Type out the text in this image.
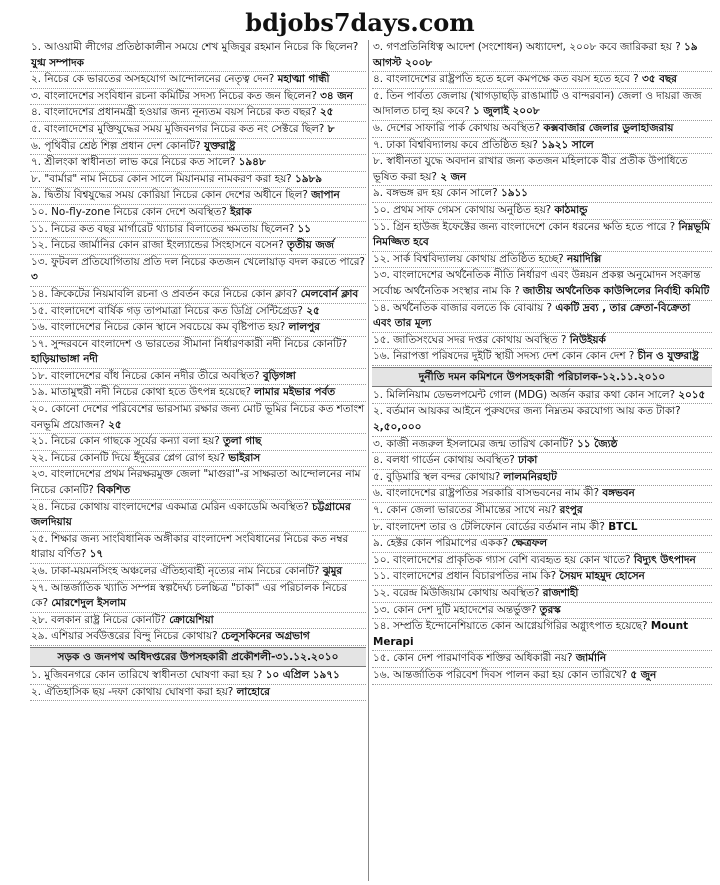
bdjobs7days.com
১. আওয়ামী লীগের প্রতিষ্ঠাকালীন সময়ে শেখ মুজিবুর রহমান নিচের কি ছিলেন? যুগ্ম সম্পাদক
২. নিচের কে ভারতের অসহযোগ আন্দোলনের নেতৃত্ব দেন? মহাত্মা গান্ধী
৩. বাংলাদেশের সংবিধান রচনা কমিটির সদস্য নিচের কত জন ছিলেন? ৩৪ জন
৪. বাংলাদেশের প্রধানমন্ত্রী হওয়ার জন্য নূন্যতম বয়স নিচের কত বছর? ২৫
৫. বাংলাদেশের মুক্তিযুদ্ধের সময় মুজিবনগর নিচের কত নং সেক্টরে ছিল? ৮
৬. পৃথিবীর শ্রেষ্ঠ শিল্প প্রধান দেশ কোনটি? যুক্তরাষ্ট্র
৭. শ্রীলংকা স্বাধীনতা লাভ করে নিচের কত সালে? ১৯৪৮
৮. "বার্মার" নাম নিচের কোন সালে মিয়ানমার নামকরণ করা হয়? ১৯৮৯
৯. দ্বিতীয় বিশ্বযুদ্ধের সময় কোরিয়া নিচের কোন দেশের অধীনে ছিল? জাপান
১০. No-fly-zone নিচের কোন দেশে অবস্থিত? ইরাক
১১. নিচের কত বছর মার্গারেট থ্যাচার বিলাতের ক্ষমতায় ছিলেন? ১১
১২. নিচের জার্মানির কোন রাজা ইংল্যান্ডের সিংহাসনে বসেন? তৃতীয় জর্জ
১৩. ফুটবল প্রতিযোগিতায় প্রতি দল নিচের কতজন খেলোয়াড় বদল করতে পারে? ৩
১৪. ক্রিকেটের নিয়মাবলি রচনা ও প্রবর্তন করে নিচের কোন ক্লাব? মেলবোর্ন ক্লাব
১৫. বাংলাদেশে বার্ষিক গড় তাপমাত্রা নিচের কত ডিগ্রি সেন্টিগ্রেড? ২৫
১৬. বাংলাদেশের নিচের কোন স্থানে সবচেয়ে কম বৃষ্টিপাত হয়? লালপুর
১৭. সুন্দরবনে বাংলাদেশ ও ভারতের সীমানা নির্ধারণকারী নদী নিচের কোনটি? হাড়িয়াভাঙ্গা নদী
১৮. বাংলাদেশের বাঁধ নিচের কোন নদীর তীরে অবস্থিত? বুড়িগঙ্গা
১৯. মাতামুহুরী নদী নিচের কোথা হতে উৎপন্ন হয়েছে? লামার মইভার পর্বত
২০. কোনো দেশের পরিবেশের ভারসাম্য রক্ষার জন্য মোট ভূমির নিচের কত শতাংশ বনভূমি প্রয়োজন? ২৫
২১. নিচের কোন গাছকে সূর্যের কন্যা বলা হয়? তুলা গাছ
২২. নিচের কোনটি দিয়ে ইঁদুরের প্লেগ রোগ হয়? ভাইরাস
২৩. বাংলাদেশের প্রথম নিরক্ষরমুক্ত জেলা "মাগুরা"-র সাক্ষরতা আন্দোলনের নাম নিচের কোনটি? বিকশিত
২৪. নিচের কোথায় বাংলাদেশের একমাত্র মেরিন একাডেমি অবস্থিত? চট্টগ্রামের জলদিয়ায়
২৫. শিক্ষার জন্য সাংবিধানিক অঙ্গীকার বাংলাদেশ সংবিধানের নিচের কত নম্বর ধারায় বর্ণিত? ১৭
২৬. ঢাকা-ময়মনসিংহ অঞ্চলের ঐতিহ্যবাহী নৃত্যের নাম নিচের কোনটি? ঝুমুর
২৭. আন্তর্জাতিক খ্যাতি সম্পন্ন স্বল্পদৈর্ঘ্য চলচ্চিত্র "চাকা" এর পরিচালক নিচের কে? মোরশেদুল ইসলাম
২৮. বলকান রাষ্ট্র নিচের কোনটি? ক্রোয়েশিয়া
২৯. এশিয়ার সর্বউত্তরের বিন্দু নিচের কোথায়? চেলুসকিনের অগ্রভাগ
সড়ক ও জনপথ অধিদপ্তরের উপসহকারী প্রকৌশলী-৩১.১২.২০১০
১. মুজিবনগরে কোন তারিখে স্বাধীনতা ঘোষণা করা হয় ? ১০ এপ্রিল ১৯৭১
২. ঐতিহাসিক ছয় -দফা কোথায় ঘোষণা করা হয়? লাহোরে
৩. গণপ্রতিনিধিত্ব আদেশ (সংশোধন) অধ্যাদেশ, ২০০৮ কবে জারিকরা হয় ? ১৯ আগস্ট ২০০৮
৪. বাংলাদেশের রাষ্ট্রপতি হতে হলে কমপক্ষে কত বয়স হতে হবে ? ৩৫ বছর
৫. তিন পার্বত্য জেলায় (খাগড়াছড়ি রাঙামাটি ও বান্দরবান) জেলা ও দায়রা জজ আদালত চালু হয় কবে? ১ জুলাই ২০০৮
৬. দেশের সাফারি পার্ক কোথায় অবস্থিত? কক্সবাজার জেলার ডুলাহাজরায়
৭. ঢাকা বিশ্ববিদ্যালয় কবে প্রতিষ্ঠিত হয়? ১৯২১ সালে
৮. স্বাধীনতা যুদ্ধে অবদান রাখার জন্য কতজন মহিলাকে বীর প্রতীক উপাধিতে ভূষিত করা হয়? ২ জন
৯. বঙ্গভঙ্গ রদ হয় কোন সালে? ১৯১১
১০. প্রথম সাফ গেমস কোথায় অনুষ্ঠিত হয়? কাঠমান্ডু
১১. গ্রিন হাউজ ইফেক্টের জন্য বাংলাদেশে কোন ধরনের ক্ষতি হতে পারে ? নিম্নভূমি নিমজ্জিত হবে
১২. সার্ক বিশ্ববিদ্যালয় কোথায় প্রতিষ্ঠিত হচ্ছে? নয়াদিল্লি
১৩. বাংলাদেশের অর্থনৈতিক নীতি নির্ধারণ এবং উন্নয়ন প্রকল্প অনুমোদন সংক্রান্ত সর্বোচ্চ অর্থনৈতিক সংস্থার নাম কি ? জাতীয় অর্থনৈতিক কাউন্সিলের নির্বাহী কমিটি
১৪. অর্থনৈতিক বাজার বলতে কি বোঝায় ? একটি দ্রব্য , তার ক্রেতা-বিক্রেতা এবং তার মূল্য
১৫. জাতিসংঘের সদর দপ্তর কোথায় অবস্থিত ? নিউইয়র্ক
১৬. নিরাপত্তা পরিষদের দুইটি স্থায়ী সদস্য দেশ কোন কোন দেশ ? চীন ও যুক্তরাষ্ট্র
দুর্নীতি দমন কমিশনে উপসহকারী পরিচালক-১২.১১.২০১০
১. মিলিনিয়াম ডেভলপমেন্ট গোল (MDG) অর্জন করার কথা কোন সালে? ২০১৫
২. বর্তমান আয়কর আইনে পুরুষদের জন্য নিম্নতম করযোগ্য আয় কত টাকা? ২,৫০,০০০
৩. কাজী নজরুল ইসলামের জন্ম তারিখ কোনটি? ১১ জ্যৈষ্ঠ
৪. বলধা গার্ডেন কোথায় অবস্থিত? ঢাকা
৫. বুড়িমারি স্থল বন্দর কোথায়? লালমনিরহাট
৬. বাংলাদেশের রাষ্ট্রপতির সরকারি বাসভবনের নাম কী? বঙ্গভবন
৭. কোন জেলা ভারতের সীমান্তের সাথে নয়? রংপুর
৮. বাংলাদেশ তার ও টেলিফোন বোর্ডের বর্তমান নাম কী? BTCL
৯. হেক্টর কোন পরিমাপের একক? ক্ষেত্রফল
১০. বাংলাদেশের প্রাকৃতিক গ্যাস বেশি ব্যবহৃত হয় কোন খাতে? বিদ্যুৎ উৎপাদন
১১. বাংলাদেশের প্রধান বিচারপতির নাম কি? সৈয়দ মাহমুদ হোসেন
১২. বরেন্দ্র মিউজিয়াম কোথায় অবস্থিত? রাজশাহী
১৩. কোন দেশ দুটি মহাদেশের অন্তর্ভুক্ত? তুরস্ক
১৪. সম্প্রতি ইন্দোনেশিয়াতে কোন আগ্নেয়গিরির অগ্ন্যুৎপাত হয়েছে? Mount Merapi
১৫. কোন দেশ পারমাণবিক শক্তির অধিকারী নয়? জার্মানি
১৬. আন্তর্জাতিক পরিবেশ দিবস পালন করা হয় কোন তারিখে? ৫ জুন
